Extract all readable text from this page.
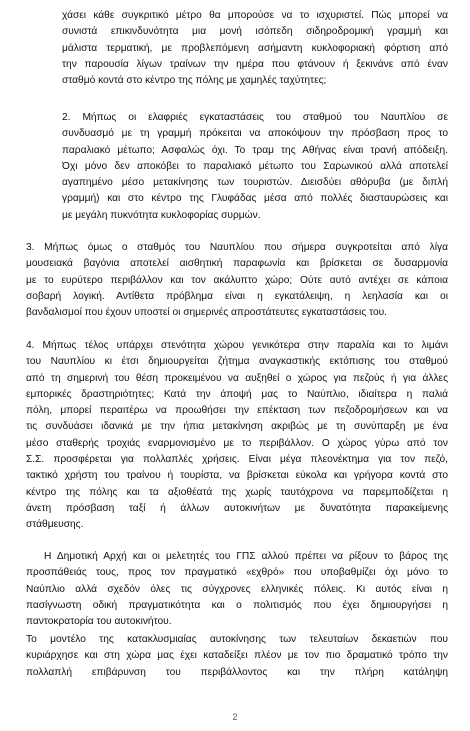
χάσει κάθε συγκριτικό μέτρο θα μπορούσε να το ισχυριστεί. Πώς μπορεί να
συνιστά επικινδυνότητα μια μονή ισόπεδη σιδηροδρομική γραμμή και
μάλιστα τερματική, με προβλεπόμενη ασήμαντη κυκλοφοριακή φόρτιση από
την παρουσία λίγων τραίνων την ημέρα που φτάνουν ή ξεκινάνε από έναν
σταθμό κοντά στο κέντρο της πόλης με χαμηλές ταχύτητες;
2. Μήπως οι ελαφριές εγκαταστάσεις του σταθμού του Ναυπλίου σε
συνδυασμό με τη γραμμή πρόκειται να αποκόψουν την πρόσβαση προς το
παραλιακό μέτωπο; Ασφαλώς όχι. Το τραμ της Αθήνας είναι τρανή απόδειξη.
Όχι μόνο δεν αποκόβει το παραλιακό μέτωπο του Σαρωνικού αλλά αποτελεί
αγαπημένο μέσο μετακίνησης των τουριστών. Διεισδύει αθόρυβα (με διπλή
γραμμή) και στο κέντρο της Γλυφάδας μέσα από πολλές διασταυρώσεις και
με μεγάλη πυκνότητα κυκλοφορίας συρμών.
3. Μήπως όμως ο σταθμός του Ναυπλίου που σήμερα συγκροτείται από λίγα
μουσειακά βαγόνια αποτελεί αισθητική παραφωνία και βρίσκεται σε δυσαρμονία
με το ευρύτερο περιβάλλον και τον ακάλυπτο χώρο; Ούτε αυτό αντέχει σε κάποια
σοβαρή λογική. Αντίθετα πρόβλημα είναι η εγκατάλειψη, η λεηλασία και οι
βανδαλισμοί που έχουν υποστεί οι σημερινές απροστάτευτες εγκαταστάσεις του.
4. Μήπως τέλος υπάρχει στενότητα χώρου γενικότερα στην παραλία και το λιμάνι
του Ναυπλίου κι έτσι δημιουργείται ζήτημα αναγκαστικής εκτόπισης του σταθμού
από τη σημερινή του θέση προκειμένου να αυξηθεί ο χώρος για πεζούς ή για άλλες
εμπορικές δραστηριότητες; Κατά την άποψή μας το Ναύπλιο, ιδιαίτερα η παλιά
πόλη, μπορεί περαιτέρω να προωθήσει την επέκταση των πεζοδρομήσεων και να
τις συνδυάσει ιδανικά με την ήπια μετακίνηση ακριβώς με τη συνύπαρξη με ένα
μέσο σταθερής τροχιάς εναρμονισμένο με το περιβάλλον. Ο χώρος γύρω από τον
Σ.Σ. προσφέρεται για πολλαπλές χρήσεις. Είναι μέγα πλεονέκτημα για τον πεζό,
τακτικό χρήστη του τραίνου ή τουρίστα, να βρίσκεται εύκολα και γρήγορα κοντά στο
κέντρο της πόλης και τα αξιοθέατά της χωρίς ταυτόχρονα να παρεμποδίζεται η
άνετη πρόσβαση ταξί ή άλλων αυτοκινήτων με δυνατότητα παρακείμενης
στάθμευσης.
Η Δημοτική Αρχή και οι μελετητές του ΓΠΣ αλλού πρέπει να ρίξουν το βάρος της
προσπάθειάς τους, προς τον πραγματικό «εχθρό» που υποβαθμίζει όχι μόνο το
Ναύπλιο αλλά σχεδόν όλες τις σύγχρονες ελληνικές πόλεις. Κι αυτός είναι η
πασίγνωστη οδική πραγματικότητα και ο πολιτισμός που έχει δημιουργήσει η
παντοκρατορία του αυτοκινήτου.
Το μοντέλο της κατακλυσμιαίας αυτοκίνησης των τελευταίων δεκαετιών που
κυριάρχησε και στη χώρα μας έχει καταδείξει πλέον με τον πιο δραματικό τρόπο την
πολλαπλή επιβάρυνση του περιβάλλοντος και την πλήρη κατάληψη
2
